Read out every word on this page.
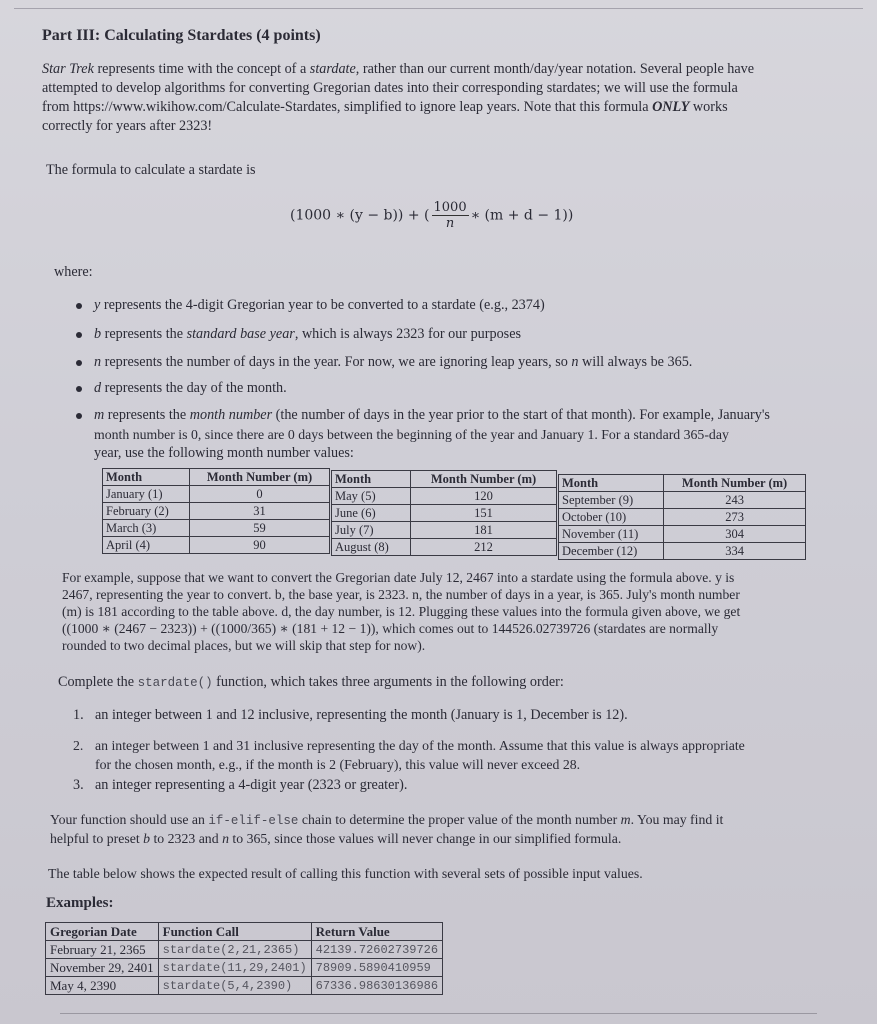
Part III: Calculating Stardates (4 points)
Star Trek represents time with the concept of a stardate, rather than our current month/day/year notation. Several people have
attempted to develop algorithms for converting Gregorian dates into their corresponding stardates; we will use the formula
from https://www.wikihow.com/Calculate-Stardates, simplified to ignore leap years. Note that this formula ONLY works
correctly for years after 2323!
The formula to calculate a stardate is
(1000 ∗ (y − b)) + ( $\frac{1000}{n}$ ∗ (m + d − 1))
where:
y represents the 4-digit Gregorian year to be converted to a stardate (e.g., 2374)
b represents the standard base year, which is always 2323 for our purposes
n represents the number of days in the year. For now, we are ignoring leap years, so n will always be 365.
d represents the day of the month.
m represents the month number (the number of days in the year prior to the start of that month). For example, January's
month number is 0, since there are 0 days between the beginning of the year and January 1. For a standard 365-day
year, use the following month number values:
Month	Month Number (m)
January (1)	0
February (2)	31
March (3)	59
April (4)	90
Month	Month Number (m)
May (5)	120
June (6)	151
July (7)	181
August (8)	212
Month	Month Number (m)
September (9)	243
October (10)	273
November (11)	304
December (12)	334
For example, suppose that we want to convert the Gregorian date July 12, 2467 into a stardate using the formula above. y is
2467, representing the year to convert. b, the base year, is 2323. n, the number of days in a year, is 365. July's month number
(m) is 181 according to the table above. d, the day number, is 12. Plugging these values into the formula given above, we get
((1000 ∗ (2467 − 2323)) + ((1000/365) ∗ (181 + 12 − 1)), which comes out to 144526.02739726 (stardates are normally
rounded to two decimal places, but we will skip that step for now).
Complete the stardate() function, which takes three arguments in the following order:
1. an integer between 1 and 12 inclusive, representing the month (January is 1, December is 12).
2. an integer between 1 and 31 inclusive representing the day of the month. Assume that this value is always appropriate
for the chosen month, e.g., if the month is 2 (February), this value will never exceed 28.
3. an integer representing a 4-digit year (2323 or greater).
Your function should use an if-elif-else chain to determine the proper value of the month number m. You may find it
helpful to preset b to 2323 and n to 365, since those values will never change in our simplified formula.
The table below shows the expected result of calling this function with several sets of possible input values.
Examples:
Gregorian Date	Function Call	Return Value
February 21, 2365	stardate(2,21,2365)	42139.72602739726
November 29, 2401	stardate(11,29,2401)	78909.5890410959
May 4, 2390	stardate(5,4,2390)	67336.98630136986
